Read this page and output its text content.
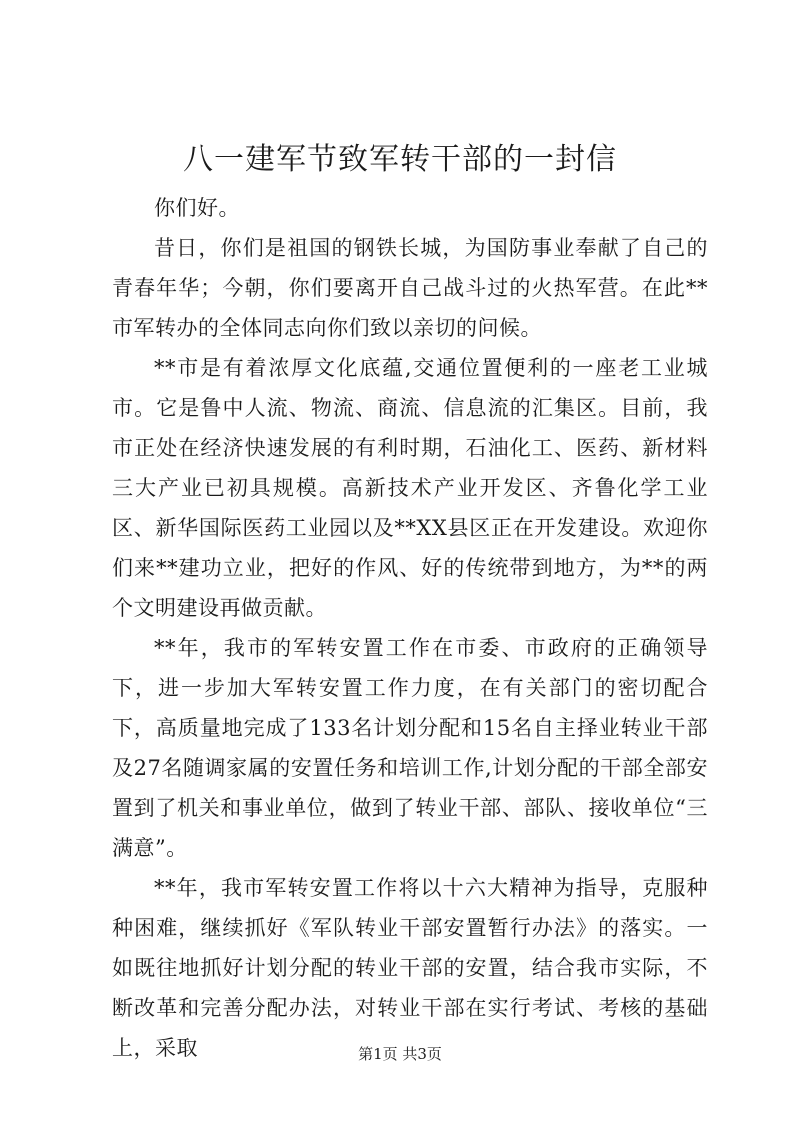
八一建军节致军转干部的一封信

你们好。

昔日，你们是祖国的钢铁长城，为国防事业奉献了自己的青春年华；今朝，你们要离开自己战斗过的火热军营。在此**市军转办的全体同志向你们致以亲切的问候。

**市是有着浓厚文化底蕴,交通位置便利的一座老工业城市。它是鲁中人流、物流、商流、信息流的汇集区。目前，我市正处在经济快速发展的有利时期，石油化工、医药、新材料三大产业已初具规模。高新技术产业开发区、齐鲁化学工业区、新华国际医药工业园以及**XX县区正在开发建设。欢迎你们来**建功立业，把好的作风、好的传统带到地方，为**的两个文明建设再做贡献。

**年，我市的军转安置工作在市委、市政府的正确领导下，进一步加大军转安置工作力度，在有关部门的密切配合下，高质量地完成了133名计划分配和15名自主择业转业干部及27名随调家属的安置任务和培训工作,计划分配的干部全部安置到了机关和事业单位，做到了转业干部、部队、接收单位“三满意”。

**年，我市军转安置工作将以十六大精神为指导，克服种种困难，继续抓好《军队转业干部安置暂行办法》的落实。一如既往地抓好计划分配的转业干部的安置，结合我市实际，不断改革和完善分配办法，对转业干部在实行考试、考核的基础上，采取	第1页 共3页
